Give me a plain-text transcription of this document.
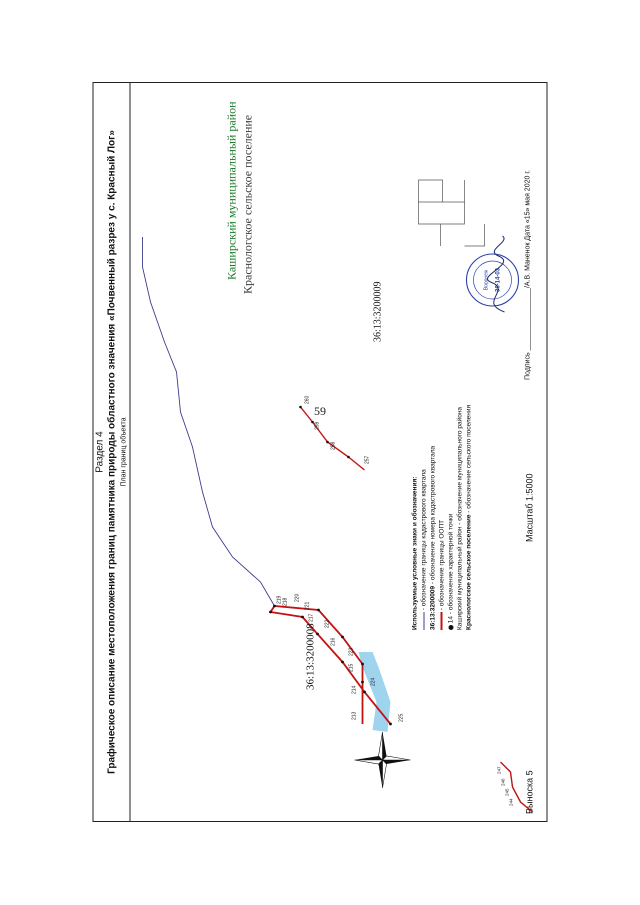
59
Раздел 4 Графическое описание местоположения границ памятника природы областного значения «Почвенный разрез у с. Красный Лог» План границ объекта
213
214
215
216
217
218
219 220
221
222
223
224
225
257
258
259
260
244
245
246
247
Воронеж 36-14-03
36:13:3200008
36:13:3200009
Каширский муниципальный район Краснологское сельское поселение
Используемые условные знаки и обозначения: - обозначение границы кадастрового квартала 36:13:3200009 - обозначение номера кадастрового квартала - обозначение границы ООПТ
14 - обозначение характерной точки Каширский муниципальный район - обозначение муниципального района
Краснологское сельское поселение - обозначение сельского поселения
Выноска 5
Масштаб 1:5000
Подпись ________________/А.В. Маненок Дата «15» мая 2020 г.
